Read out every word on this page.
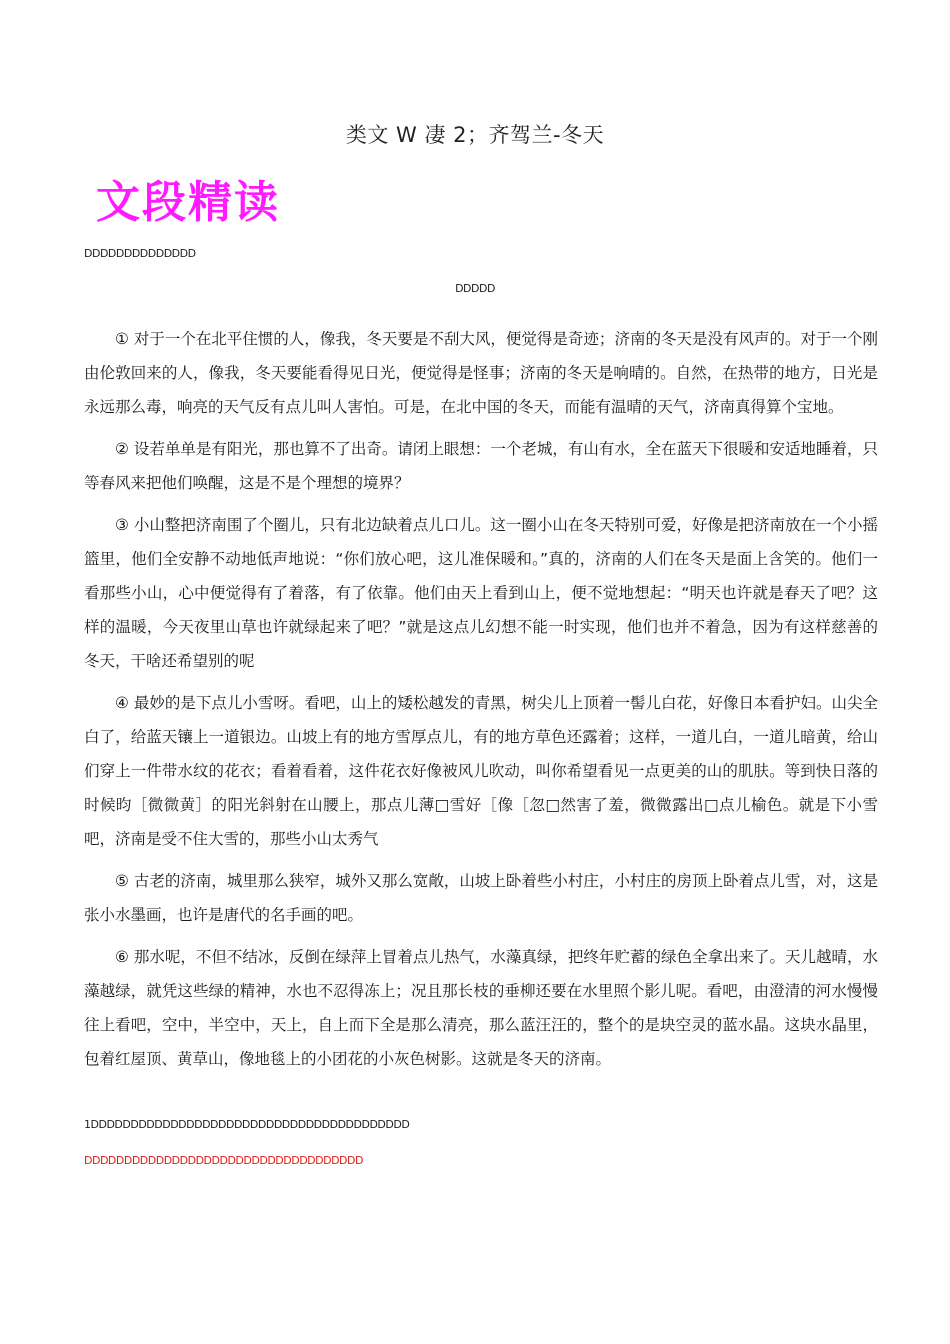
类文 W 凄 2；齐驾兰-冬天
文段精读
DDDDDDDDDDDDDD
DDDDD

① 对于一个在北平住惯的人，像我，冬天要是不刮大风，便觉得是奇迹；济南的冬天是没有风声的。对于一个刚由伦敦回来的人，像我，冬天要能看得见日光，便觉得是怪事；济南的冬天是响晴的。自然，在热带的地方，日光是永远那么毒，响亮的天气反有点儿叫人害怕。可是，在北中国的冬天，而能有温晴的天气，济南真得算个宝地。

② 设若单单是有阳光，那也算不了出奇。请闭上眼想：一个老城，有山有水，全在蓝天下很暖和安适地睡着，只等春风来把他们唤醒，这是不是个理想的境界？

③ 小山整把济南围了个圈儿，只有北边缺着点儿口儿。这一圈小山在冬天特别可爱，好像是把济南放在一个小摇篮里，他们全安静不动地低声地说：“你们放心吧，这儿准保暖和。”真的，济南的人们在冬天是面上含笑的。他们一看那些小山，心中便觉得有了着落，有了依靠。他们由天上看到山上，便不觉地想起：“明天也许就是春天了吧？这样的温暖，今天夜里山草也许就绿起来了吧？”就是这点儿幻想不能一时实现，他们也并不着急，因为有这样慈善的冬天，干啥还希望别的呢

④ 最妙的是下点儿小雪呀。看吧，山上的矮松越发的青黑，树尖儿上顶着一髻儿白花，好像日本看护妇。山尖全白了，给蓝天镶上一道银边。山坡上有的地方雪厚点儿，有的地方草色还露着；这样，一道儿白，一道儿暗黄，给山们穿上一件带水纹的花衣；看着看着，这件花衣好像被风儿吹动，叫你希望看见一点更美的山的肌肤。等到快日落的时候昀［微微黄］的阳光斜射在山腰上，那点儿薄□雪好［像［忽□然害了羞，微微露出□点儿榆色。就是下小雪吧，济南是受不住大雪的，那些小山太秀气

⑤ 古老的济南，城里那么狭窄，城外又那么宽敞，山坡上卧着些小村庄，小村庄的房顶上卧着点儿雪，对，这是张小水墨画，也许是唐代的名手画的吧。

⑥ 那水呢，不但不结冰，反倒在绿萍上冒着点儿热气，水藻真绿，把终年贮蓄的绿色全拿出来了。天儿越晴，水藻越绿，就凭这些绿的精神，水也不忍得冻上；况且那长枝的垂柳还要在水里照个影儿呢。看吧，由澄清的河水慢慢往上看吧，空中，半空中，天上，自上而下全是那么清亮，那么蓝汪汪的，整个的是块空灵的蓝水晶。这块水晶里，包着红屋顶、黄草山，像地毯上的小团花的小灰色树影。这就是冬天的济南。

1DDDDDDDDDDDDDDDDDDDDDDDDDDDDDDDDDDDDDDDD
DDDDDDDDDDDDDDDDDDDDDDDDDDDDDDDDDDD
